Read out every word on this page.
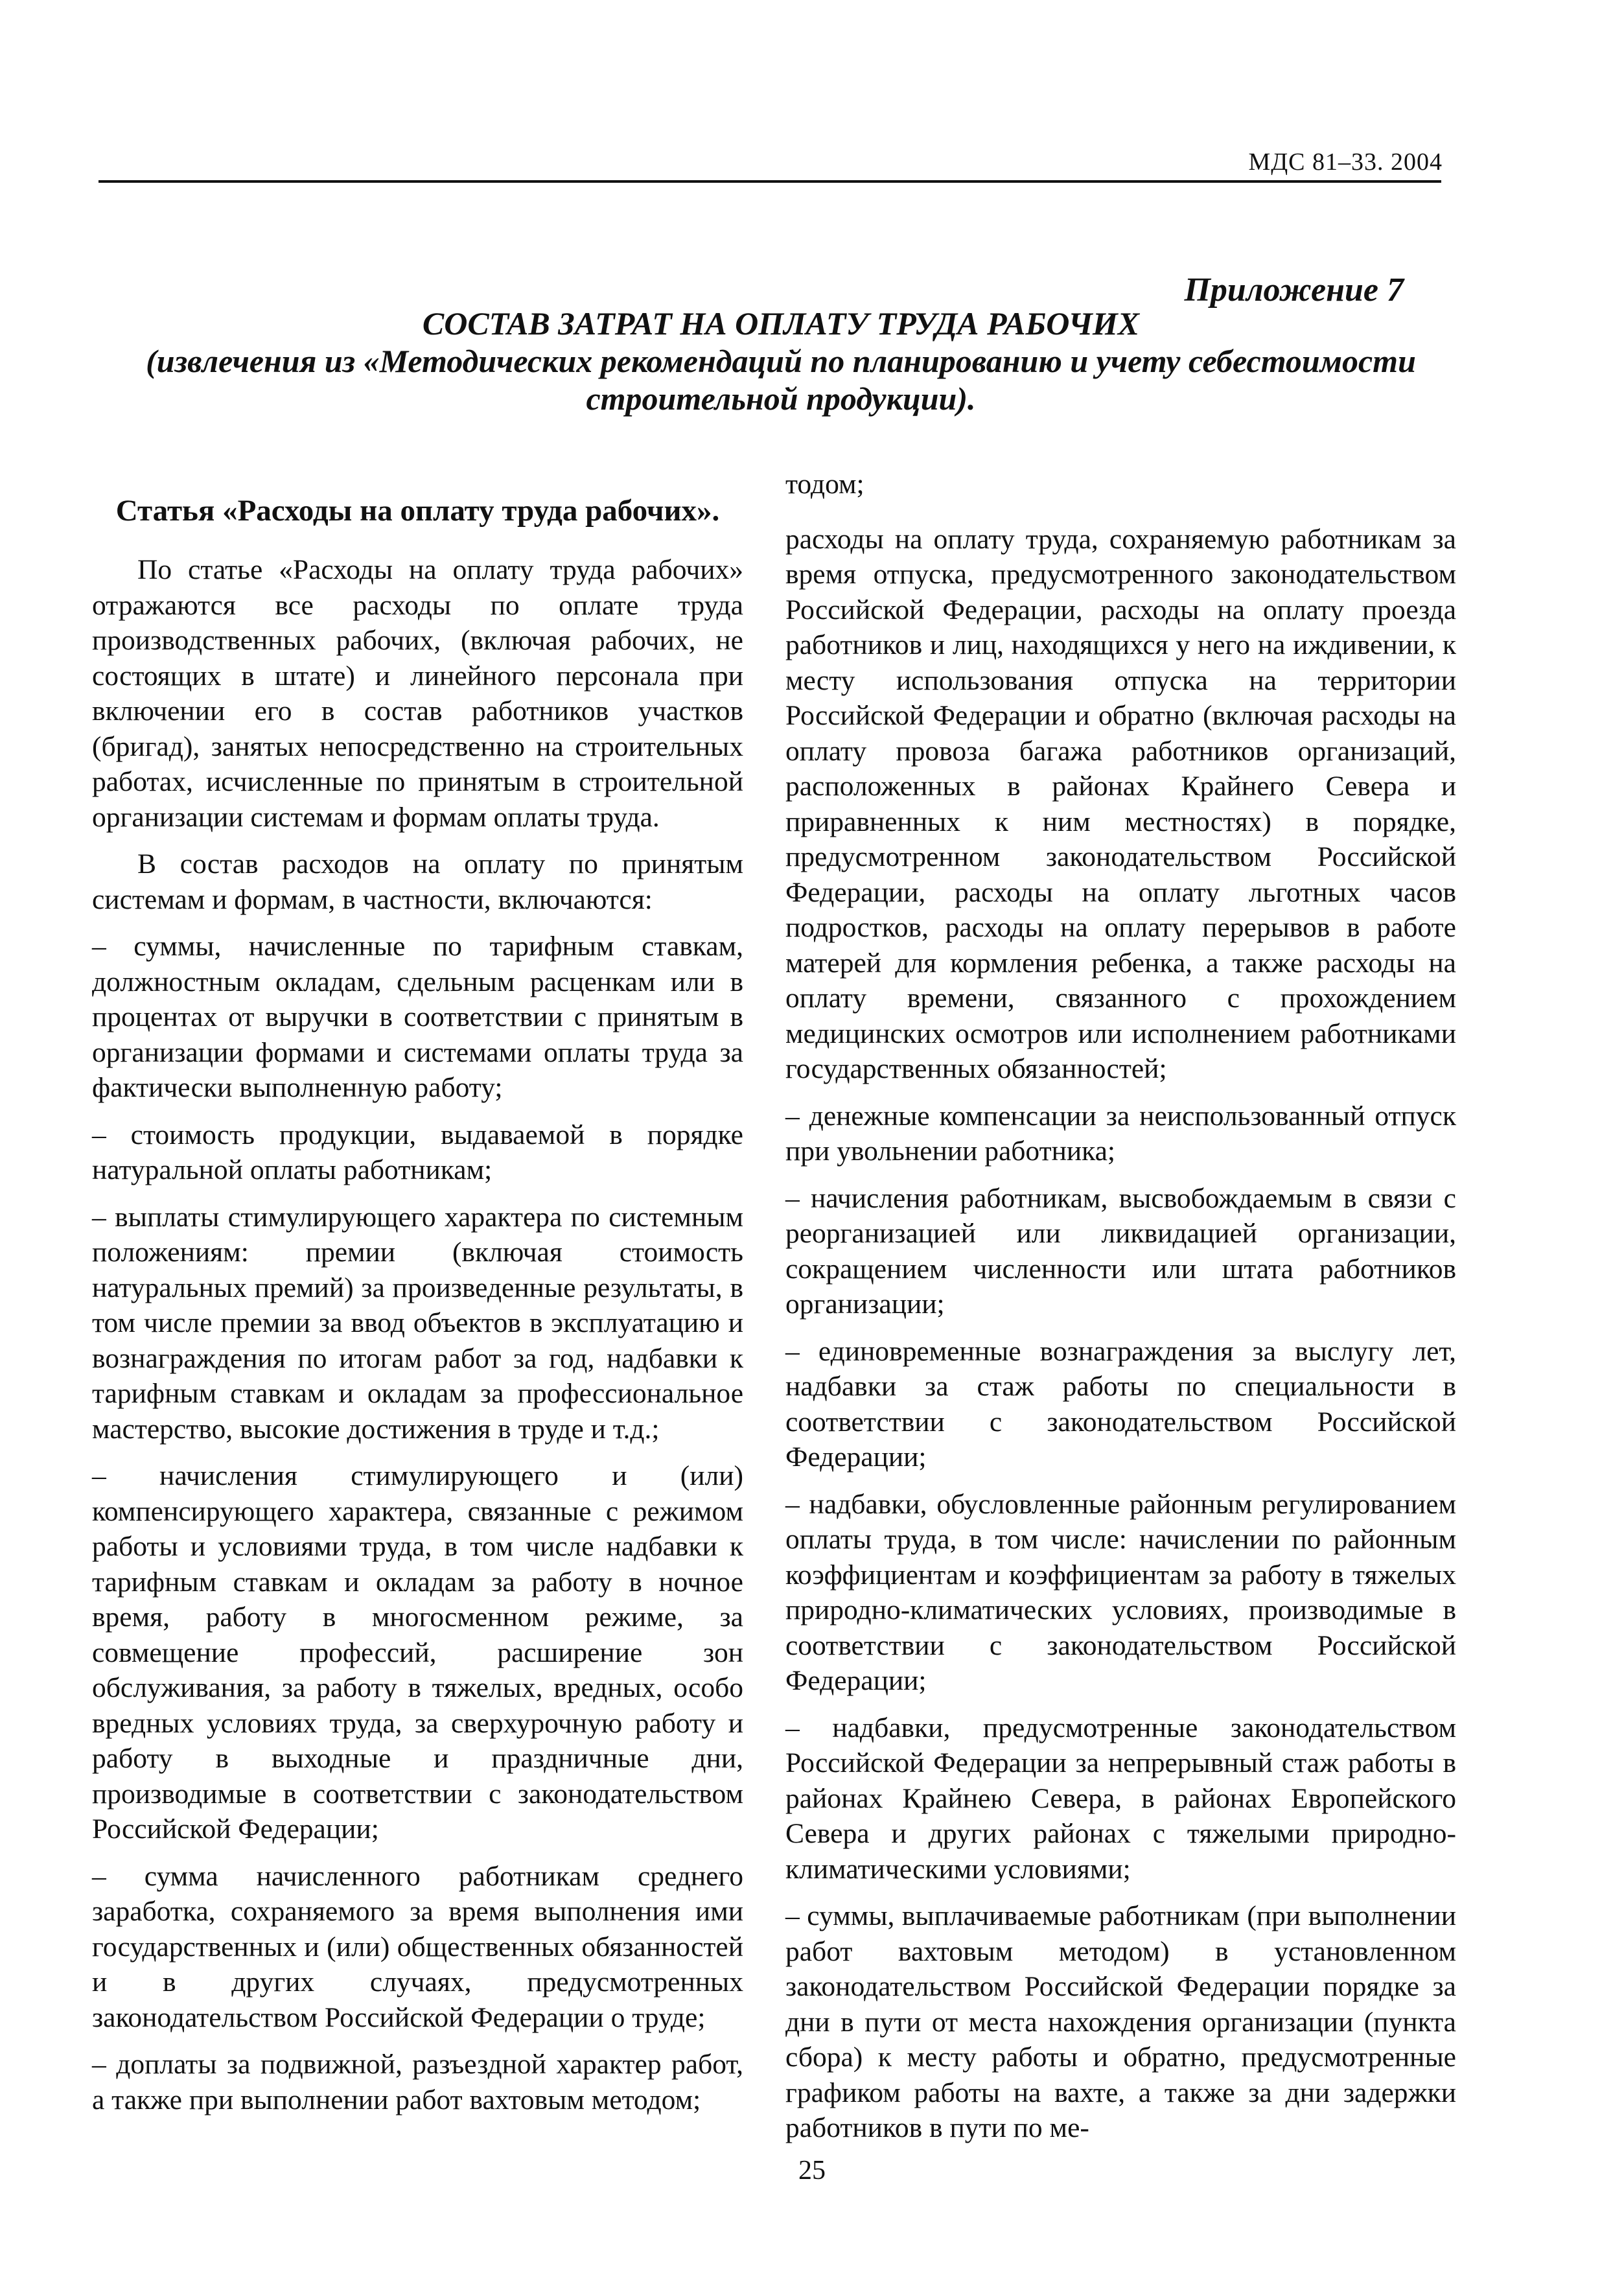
МДС 81–33. 2004
Приложение 7
СОСТАВ ЗАТРАТ НА ОПЛАТУ ТРУДА РАБОЧИХ
(извлечения из «Методических рекомендаций по планированию и учету себестоимости строительной продукции).
Статья «Расходы на оплату труда рабочих».

По статье «Расходы на оплату труда рабочих» отражаются все расходы по оплате труда производственных рабочих, (включая рабочих, не состоящих в штате) и линейного персонала при включении его в состав работников участков (бригад), занятых непосредственно на строительных работах, исчисленные по принятым в строительной организации системам и формам оплаты труда.

В состав расходов на оплату по принятым системам и формам, в частности, включаются:

– суммы, начисленные по тарифным ставкам, должностным окладам, сдельным расценкам или в процентах от выручки в соответствии с принятым в организации формами и системами оплаты труда за фактически выполненную работу;

– стоимость продукции, выдаваемой в порядке натуральной оплаты работникам;

– выплаты стимулирующего характера по системным положениям: премии (включая стоимость натуральных премий) за произведенные результаты, в том числе премии за ввод объектов в эксплуатацию и вознаграждения по итогам работ за год, надбавки к тарифным ставкам и окладам за профессиональное мастерство, высокие достижения в труде и т.д.;

– начисления стимулирующего и (или) компенсирующего характера, связанные с режимом работы и условиями труда, в том числе надбавки к тарифным ставкам и окладам за работу в ночное время, работу в многосменном режиме, за совмещение профессий, расширение зон обслуживания, за работу в тяжелых, вредных, особо вредных условиях труда, за сверхурочную работу и работу в выходные и праздничные дни, производимые в соответствии с законодательством Российской Федерации;

– сумма начисленного работникам среднего заработка, сохраняемого за время выполнения ими государственных и (или) общественных обязанностей и в других случаях, предусмотренных законодательством Российской Федерации о труде;

– доплаты за подвижной, разъездной характер работ, а также при выполнении работ вахтовым методом;

тодом;

расходы на оплату труда, сохраняемую работникам за время отпуска, предусмотренного законодательством Российской Федерации, расходы на оплату проезда работников и лиц, находящихся у него на иждивении, к месту использования отпуска на территории Российской Федерации и обратно (включая расходы на оплату провоза багажа работников организаций, расположенных в районах Крайнего Севера и приравненных к ним местностях) в порядке, предусмотренном законодательством Российской Федерации, расходы на оплату льготных часов подростков, расходы на оплату перерывов в работе матерей для кормления ребенка, а также расходы на оплату времени, связанного с прохождением медицинских осмотров или исполнением работниками государственных обязанностей;

– денежные компенсации за неиспользованный отпуск при увольнении работника;

– начисления работникам, высвобождаемым в связи с реорганизацией или ликвидацией организации, сокращением численности или штата работников организации;

– единовременные вознаграждения за выслугу лет, надбавки за стаж работы по специальности в соответствии с законодательством Российской Федерации;

– надбавки, обусловленные районным регулированием оплаты труда, в том числе: начислении по районным коэффициентам и коэффициентам за работу в тяжелых природно-климатических условиях, производимые в соответствии с законодательством Российской Федерации;

– надбавки, предусмотренные законодательством Российской Федерации за непрерывный стаж работы в районах Крайнею Севера, в районах Европейского Севера и других районах с тяжелыми природно-климатическими условиями;

– суммы, выплачиваемые работникам (при выполнении работ вахтовым методом) в установленном законодательством Российской Федерации порядке за дни в пути от места нахождения организации (пункта сбора) к месту работы и обратно, предусмотренные графиком работы на вахте, а также за дни задержки работников в пути по ме-

25
